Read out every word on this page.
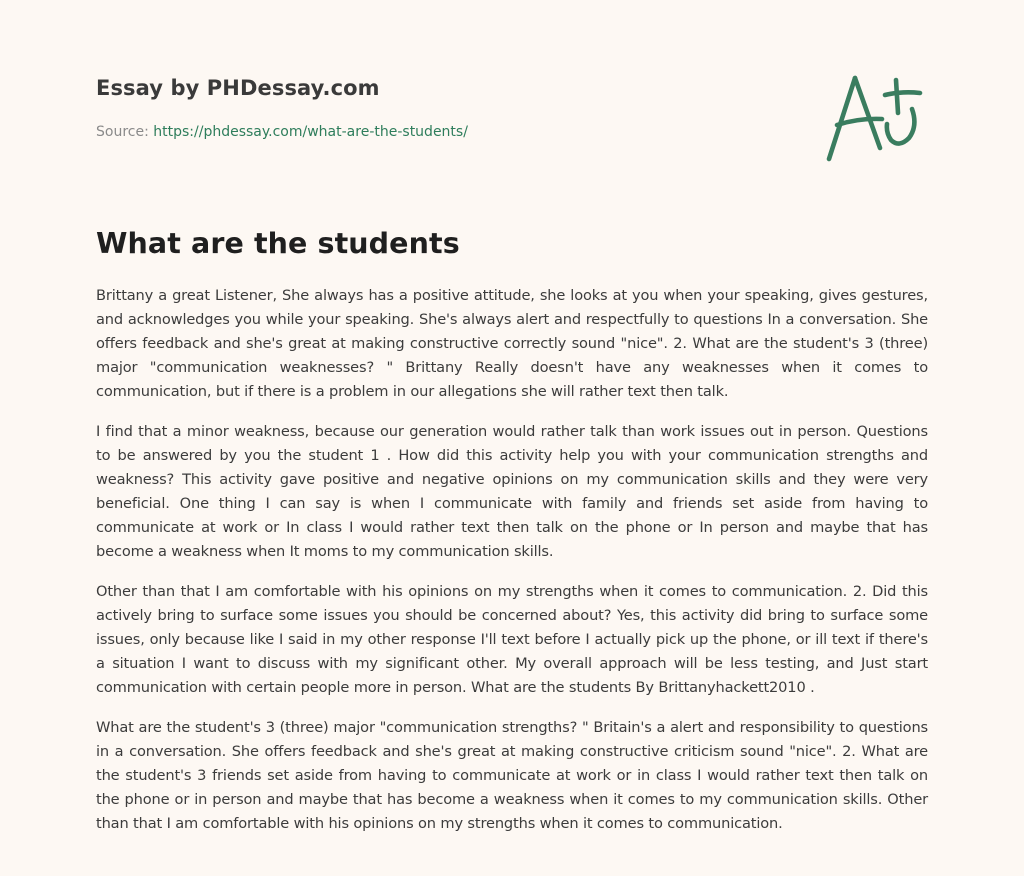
Essay by PHDessay.com
Source: https://phdessay.com/what-are-the-students/
What are the students

Brittany a great Listener, She always has a positive attitude, she looks at you when your speaking, gives gestures, and acknowledges you while your speaking. She's always alert and respectfully to questions In a conversation. She offers feedback and she's great at making constructive correctly sound "nice". 2. What are the student's 3 (three) major "communication weaknesses? " Brittany Really doesn't have any weaknesses when it comes to communication, but if there is a problem in our allegations she will rather text then talk.

I find that a minor weakness, because our generation would rather talk than work issues out in person. Questions to be answered by you the student 1 . How did this activity help you with your communication strengths and weakness? This activity gave positive and negative opinions on my communication skills and they were very beneficial. One thing I can say is when I communicate with family and friends set aside from having to communicate at work or In class I would rather text then talk on the phone or In person and maybe that has become a weakness when It moms to my communication skills.

Other than that I am comfortable with his opinions on my strengths when it comes to communication. 2. Did this actively bring to surface some issues you should be concerned about? Yes, this activity did bring to surface some issues, only because like I said in my other response I'll text before I actually pick up the phone, or ill text if there's a situation I want to discuss with my significant other. My overall approach will be less testing, and Just start communication with certain people more in person. What are the students By Brittanyhackett2010 .

What are the student's 3 (three) major "communication strengths? " Britain's a alert and responsibility to questions in a conversation. She offers feedback and she's great at making constructive criticism sound "nice". 2. What are the student's 3 friends set aside from having to communicate at work or in class I would rather text then talk on the phone or in person and maybe that has become a weakness when it comes to my communication skills. Other than that I am comfortable with his opinions on my strengths when it comes to communication.
